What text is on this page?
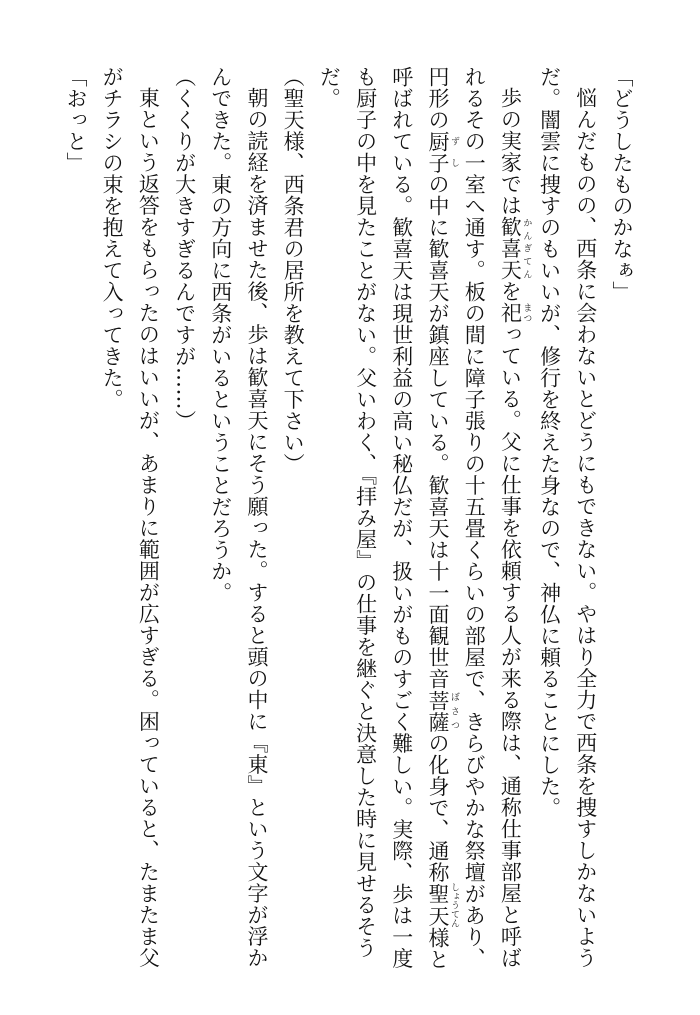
「どうしたものかなぁ」

悩んだものの、西条に会わないとどうにもできない。やはり全力で西条を捜すしかないようだ。闇雲に捜すのもいいが、修行を終えた身なので、神仏に頼ることにした。

歩の実家では歓喜天 かんぎてんを祀 まつっている。父に仕事を依頼する人が来る際は、通称仕事部屋と呼ばれるその一室へ通す。板の間に障子張りの十五畳くらいの部屋で、きらびやかな祭壇があり、円形の厨子 ずしの中に歓喜天が鎮座している。歓喜天は十一面観世音菩薩 ぼさつの化身で、通称聖天 しょうてん様と呼ばれている。歓喜天は現世利益の高い秘仏だが、扱いがものすごく難しい。実際、歩は一度も厨子の中を見たことがない。父いわく、『拝み屋』の仕事を継ぐと決意した時に見せるそうだ。

（聖天様、西条君の居所を教えて下さい）

朝の読経を済ませた後、歩は歓喜天にそう願った。すると頭の中に『東』という文字が浮かんできた。東の方向に西条がいるということだろうか。

（くくりが大きすぎるんですが……）

東という返答をもらったのはいいが、あまりに範囲が広すぎる。困っていると、たまたま父がチラシの束を抱えて入ってきた。

「おっと」
